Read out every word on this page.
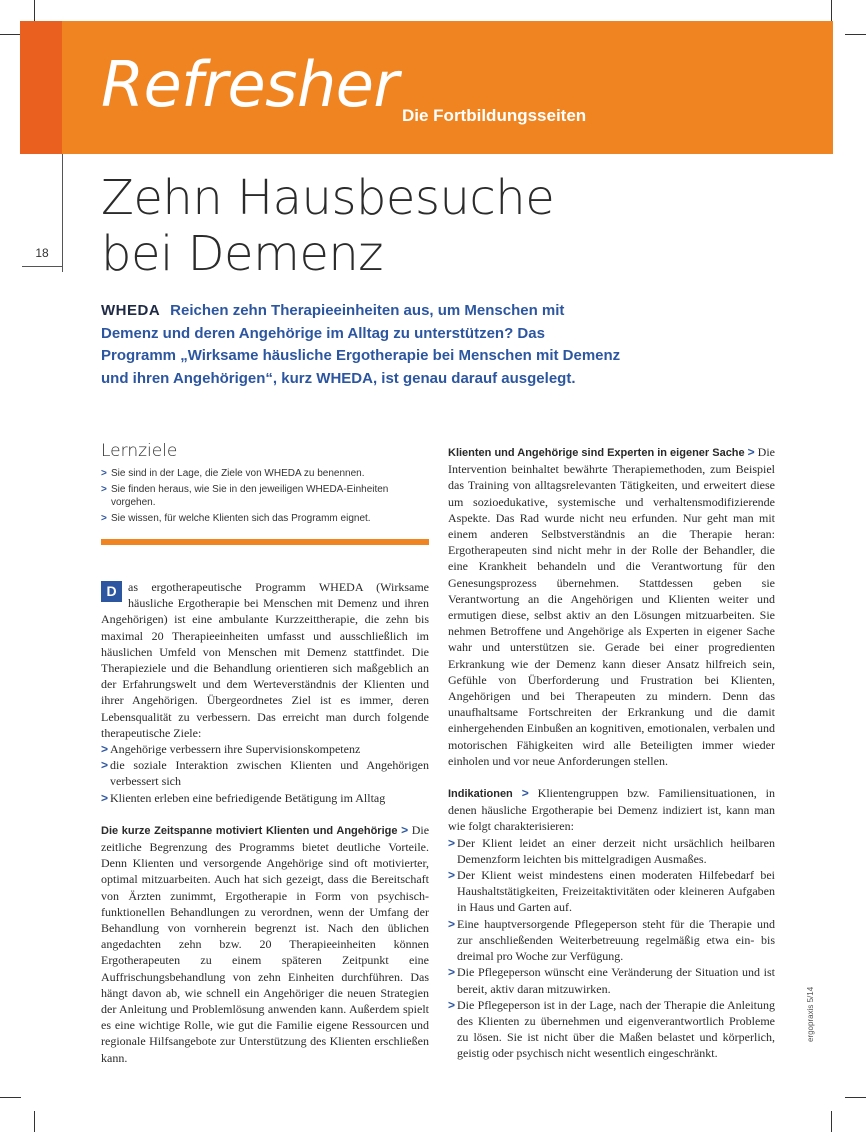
Refresher Die Fortbildungsseiten
18
Zehn Hausbesuche
bei Demenz
WHEDA Reichen zehn Therapieeinheiten aus, um Menschen mit Demenz und deren Angehörige im Alltag zu unterstützen? Das Programm „Wirksame häusliche Ergotherapie bei Menschen mit Demenz und ihren Angehörigen“, kurz WHEDA, ist genau darauf ausgelegt.
Lernziele
> Sie sind in der Lage, die Ziele von WHEDA zu benennen.
> Sie finden heraus, wie Sie in den jeweiligen WHEDA-Einheiten vorgehen.
> Sie wissen, für welche Klienten sich das Programm eignet.

D as ergotherapeutische Programm WHEDA (Wirksame häusliche Ergotherapie bei Menschen mit Demenz und ihren Angehörigen) ist eine ambulante Kurzzeittherapie, die zehn bis maximal 20 Therapieeinheiten umfasst und ausschließlich im häuslichen Umfeld von Menschen mit Demenz stattfindet. Die Therapieziele und die Behandlung orientieren sich maßgeblich an der Erfahrungswelt und dem Werteverständnis der Klienten und ihrer Angehörigen. Übergeordnetes Ziel ist es immer, deren Lebensqualität zu verbessern. Das erreicht man durch folgende therapeutische Ziele:

> Angehörige verbessern ihre Supervisionskompetenz
> die soziale Interaktion zwischen Klienten und Angehörigen verbessert sich
> Klienten erleben eine befriedigende Betätigung im Alltag

Die kurze Zeitspanne motiviert Klienten und Angehörige > Die zeitliche Begrenzung des Programms bietet deutliche Vorteile. Denn Klienten und versorgende Angehörige sind oft motivierter, optimal mitzuarbeiten. Auch hat sich gezeigt, dass die Bereitschaft von Ärzten zunimmt, Ergotherapie in Form von psychisch-funktionellen Behandlungen zu verordnen, wenn der Umfang der Behandlung von vornherein begrenzt ist. Nach den üblichen angedachten zehn bzw. 20 Therapieeinheiten können Ergotherapeuten zu einem späteren Zeitpunkt eine Auffrischungsbehandlung von zehn Einheiten durchführen. Das hängt davon ab, wie schnell ein Angehöriger die neuen Strategien der Anleitung und Problemlösung anwenden kann. Außerdem spielt es eine wichtige Rolle, wie gut die Familie eigene Ressourcen und regionale Hilfsangebote zur Unterstützung des Klienten erschließen kann.

Klienten und Angehörige sind Experten in eigener Sache > Die Intervention beinhaltet bewährte Therapiemethoden, zum Beispiel das Training von alltagsrelevanten Tätigkeiten, und erweitert diese um sozioedukative, systemische und verhaltensmodifizierende Aspekte. Das Rad wurde nicht neu erfunden. Nur geht man mit einem anderen Selbstverständnis an die Therapie heran: Ergotherapeuten sind nicht mehr in der Rolle der Behandler, die eine Krankheit behandeln und die Verantwortung für den Genesungsprozess übernehmen. Stattdessen geben sie Verantwortung an die Angehörigen und Klienten weiter und ermutigen diese, selbst aktiv an den Lösungen mitzuarbeiten. Sie nehmen Betroffene und Angehörige als Experten in eigener Sache wahr und unterstützen sie. Gerade bei einer progredienten Erkrankung wie der Demenz kann dieser Ansatz hilfreich sein, Gefühle von Überforderung und Frustration bei Klienten, Angehörigen und bei Therapeuten zu mindern. Denn das unaufhaltsame Fortschreiten der Erkrankung und die damit einhergehenden Einbußen an kognitiven, emotionalen, verbalen und motorischen Fähigkeiten wird alle Beteiligten immer wieder einholen und vor neue Anforderungen stellen.

Indikationen > Klientengruppen bzw. Familiensituationen, in denen häusliche Ergotherapie bei Demenz indiziert ist, kann man wie folgt charakterisieren:

> Der Klient leidet an einer derzeit nicht ursächlich heilbaren Demenzform leichten bis mittelgradigen Ausmaßes.
> Der Klient weist mindestens einen moderaten Hilfebedarf bei Haushaltstätigkeiten, Freizeitaktivitäten oder kleineren Aufgaben in Haus und Garten auf.
> Eine hauptversorgende Pflegeperson steht für die Therapie und zur anschließenden Weiterbetreuung regelmäßig etwa ein- bis dreimal pro Woche zur Verfügung.
> Die Pflegeperson wünscht eine Veränderung der Situation und ist bereit, aktiv daran mitzuwirken.
> Die Pflegeperson ist in der Lage, nach der Therapie die Anleitung des Klienten zu übernehmen und eigenverantwortlich Probleme zu lösen. Sie ist nicht über die Maßen belastet und körperlich, geistig oder psychisch nicht wesentlich eingeschränkt.
ergopraxis 5/14
